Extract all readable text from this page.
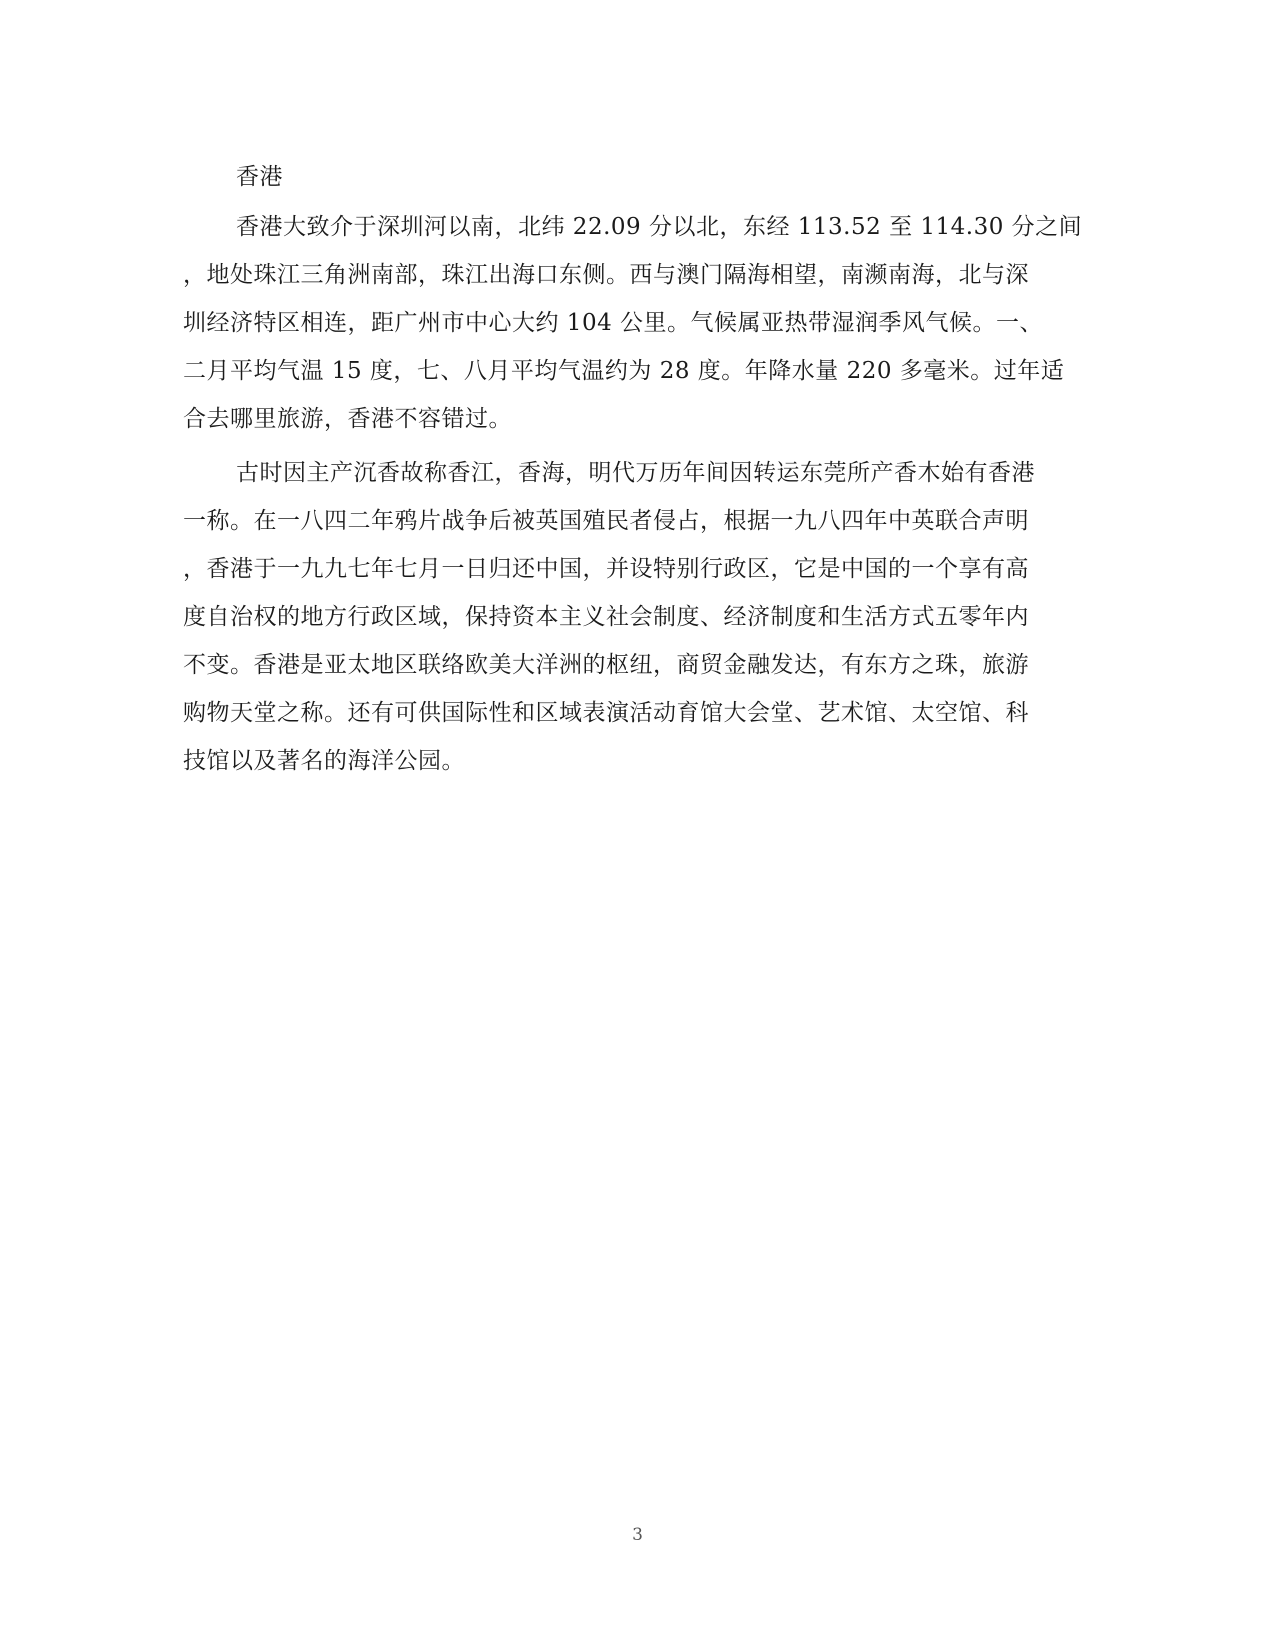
香港

香港大致介于深圳河以南，北纬 22.09 分以北，东经 113.52 至 114.30 分之间
，地处珠江三角洲南部，珠江出海口东侧。西与澳门隔海相望，南濒南海，北与深
圳经济特区相连，距广州市中心大约 104 公里。气候属亚热带湿润季风气候。一、
二月平均气温 15 度，七、八月平均气温约为 28 度。年降水量 220 多毫米。过年适
合去哪里旅游，香港不容错过。

古时因主产沉香故称香江，香海，明代万历年间因转运东莞所产香木始有香港
一称。在一八四二年鸦片战争后被英国殖民者侵占，根据一九八四年中英联合声明
，香港于一九九七年七月一日归还中国，并设特别行政区，它是中国的一个享有高
度自治权的地方行政区域，保持资本主义社会制度、经济制度和生活方式五零年内
不变。香港是亚太地区联络欧美大洋洲的枢纽，商贸金融发达，有东方之珠，旅游
购物天堂之称。还有可供国际性和区域表演活动育馆大会堂、艺术馆、太空馆、科
技馆以及著名的海洋公园。

3
